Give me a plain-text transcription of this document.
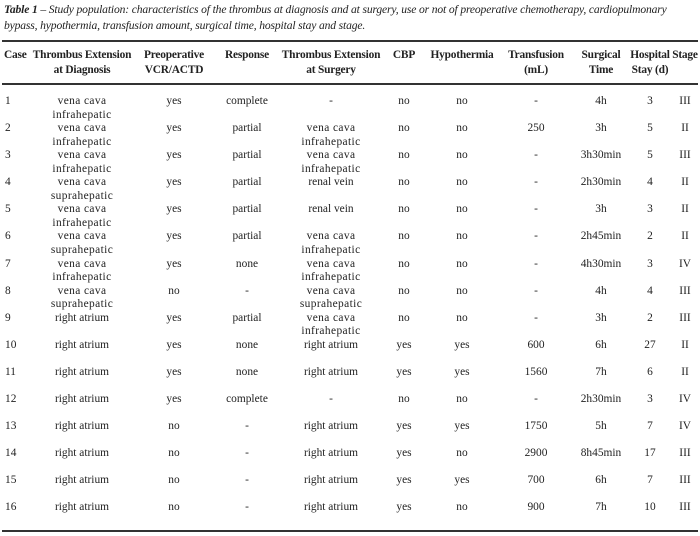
Table 1 – Study population: characteristics of the thrombus at diagnosis and at surgery, use or not of preoperative chemotherapy, cardiopulmonary bypass, hypothermia, transfusion amount, surgical time, hospital stay and stage.
Case	Thrombus Extension at Diagnosis	Preoperative VCR/ACTD	Response	Thrombus Extension at Surgery	CBP	Hypothermia	Transfusion (mL)	Surgical Time	Hospital Stay (d)	Stage
1	vena cava infrahepatic	yes	complete	-	no	no	-	4h	3	III
2	vena cava infrahepatic	yes	partial	vena cava infrahepatic	no	no	250	3h	5	II
3	vena cava infrahepatic	yes	partial	vena cava infrahepatic	no	no	-	3h30min	5	III
4	vena cava suprahepatic	yes	partial	renal vein	no	no	-	2h30min	4	II
5	vena cava infrahepatic	yes	partial	renal vein	no	no	-	3h	3	II
6	vena cava suprahepatic	yes	partial	vena cava infrahepatic	no	no	-	2h45min	2	II
7	vena cava infrahepatic	yes	none	vena cava infrahepatic	no	no	-	4h30min	3	IV
8	vena cava suprahepatic	no	-	vena cava suprahepatic	no	no	-	4h	4	III
9	right atrium	yes	partial	vena cava infrahepatic	no	no	-	3h	2	III
10	right atrium	yes	none	right atrium	yes	yes	600	6h	27	II
11	right atrium	yes	none	right atrium	yes	yes	1560	7h	6	II
12	right atrium	yes	complete	-	no	no	-	2h30min	3	IV
13	right atrium	no	-	right atrium	yes	yes	1750	5h	7	IV
14	right atrium	no	-	right atrium	yes	no	2900	8h45min	17	III
15	right atrium	no	-	right atrium	yes	yes	700	6h	7	III
16	right atrium	no	-	right atrium	yes	no	900	7h	10	III
